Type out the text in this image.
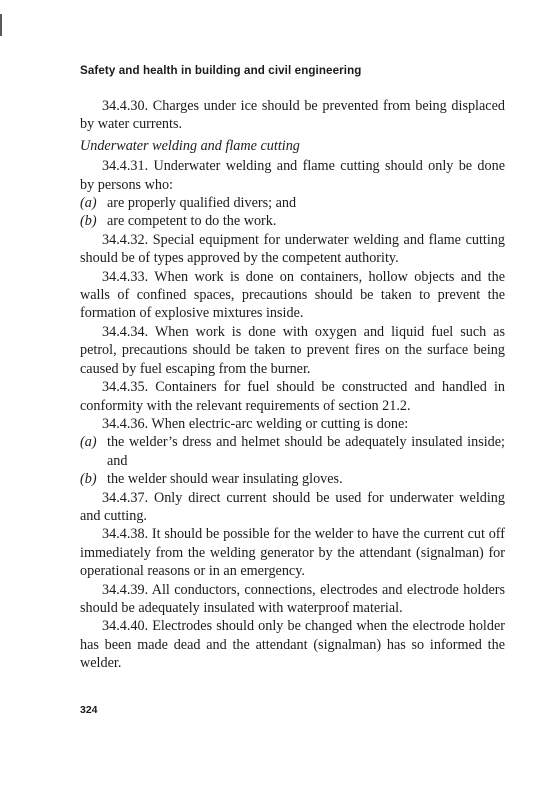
Safety and health in building and civil engineering

34.4.30. Charges under ice should be prevented from being displaced by water currents.

Underwater welding and flame cutting

34.4.31. Underwater welding and flame cutting should only be done by persons who:

(a) are properly qualified divers; and

(b) are competent to do the work.

34.4.32. Special equipment for underwater welding and flame cutting should be of types approved by the competent authority.

34.4.33. When work is done on containers, hollow objects and the walls of confined spaces, precautions should be taken to prevent the formation of explosive mixtures inside.

34.4.34. When work is done with oxygen and liquid fuel such as petrol, precautions should be taken to prevent fires on the surface being caused by fuel escaping from the burner.

34.4.35. Containers for fuel should be constructed and handled in conformity with the relevant requirements of section 21.2.

34.4.36. When electric-arc welding or cutting is done:

(a) the welder’s dress and helmet should be adequately insulated inside; and

(b) the welder should wear insulating gloves.

34.4.37. Only direct current should be used for underwater welding and cutting.

34.4.38. It should be possible for the welder to have the current cut off immediately from the welding generator by the attendant (signalman) for operational reasons or in an emergency.

34.4.39. All conductors, connections, electrodes and electrode holders should be adequately insulated with waterproof material.

34.4.40. Electrodes should only be changed when the electrode holder has been made dead and the attendant (signalman) has so informed the welder.

324
